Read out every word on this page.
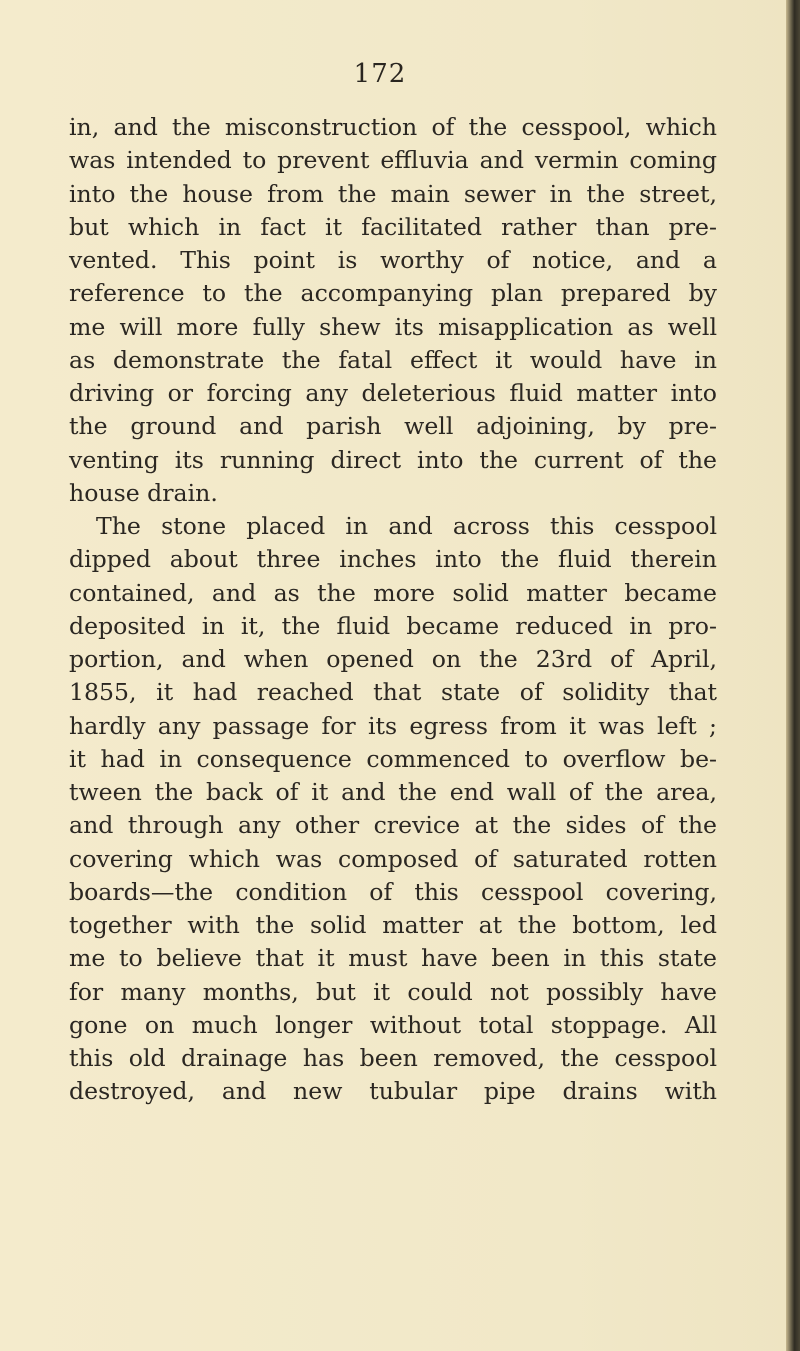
172
in, and the misconstruction of the cesspool, which
was intended to prevent effluvia and vermin coming
into the house from the main sewer in the street,
but which in fact it facilitated rather than pre-
vented. This point is worthy of notice, and a
reference to the accompanying plan prepared by
me will more fully shew its misapplication as well
as demonstrate the fatal effect it would have in
driving or forcing any deleterious fluid matter into
the ground and parish well adjoining, by pre-
venting its running direct into the current of the
house drain.
The stone placed in and across this cesspool
dipped about three inches into the fluid therein
contained, and as the more solid matter became
deposited in it, the fluid became reduced in pro-
portion, and when opened on the 23rd of April,
1855, it had reached that state of solidity that
hardly any passage for its egress from it was left ;
it had in consequence commenced to overflow be-
tween the back of it and the end wall of the area,
and through any other crevice at the sides of the
covering which was composed of saturated rotten
boards—the condition of this cesspool covering,
together with the solid matter at the bottom, led
me to believe that it must have been in this state
for many months, but it could not possibly have
gone on much longer without total stoppage. All
this old drainage has been removed, the cesspool
destroyed, and new tubular pipe drains with
